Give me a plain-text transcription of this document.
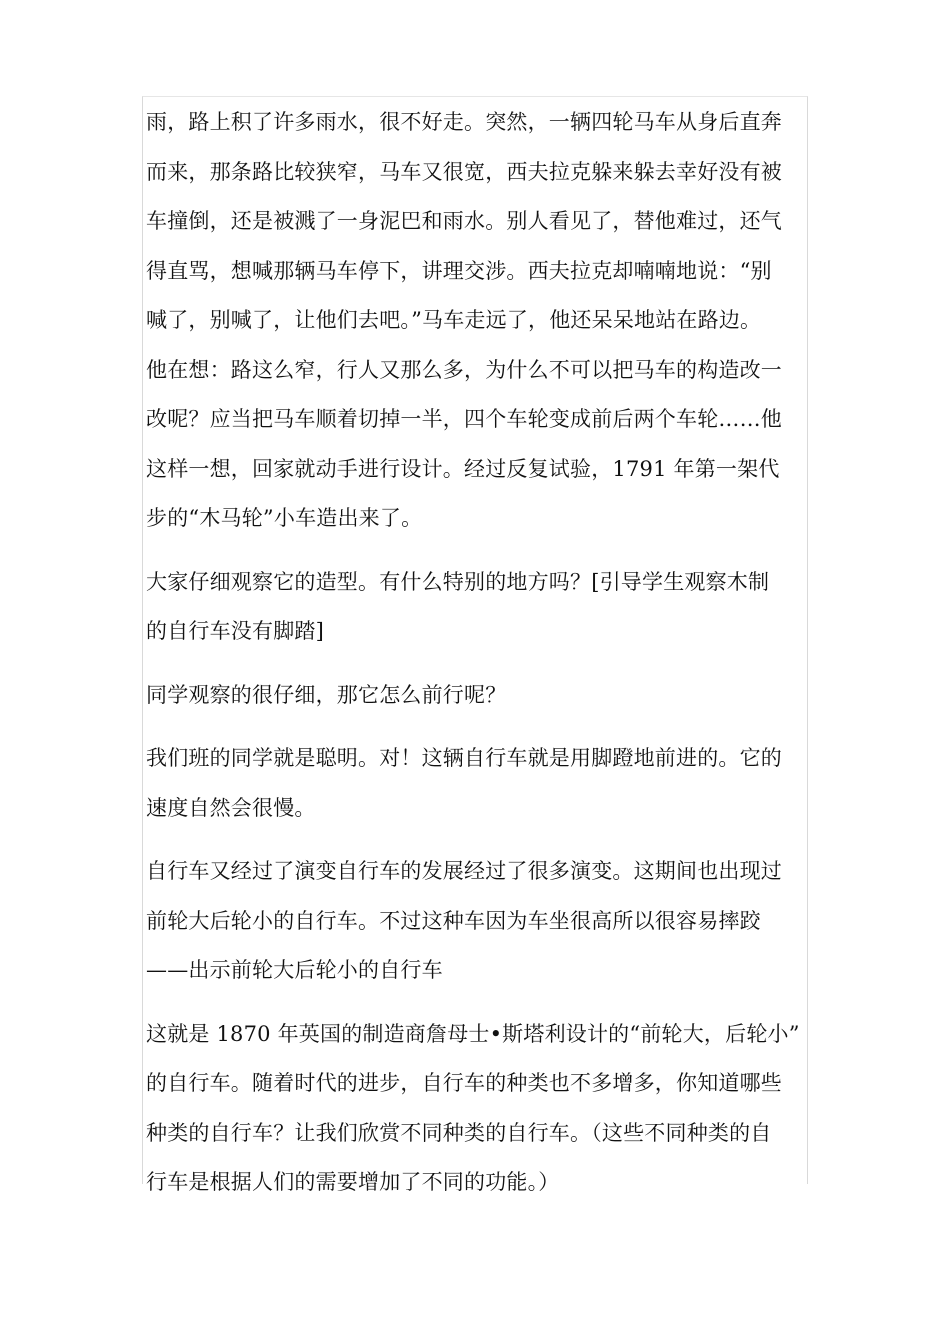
雨，路上积了许多雨水，很不好走。突然，一辆四轮马车从身后直奔
而来，那条路比较狭窄，马车又很宽，西夫拉克躲来躲去幸好没有被
车撞倒，还是被溅了一身泥巴和雨水。别人看见了，替他难过，还气
得直骂，想喊那辆马车停下，讲理交涉。西夫拉克却喃喃地说：“别
喊了，别喊了，让他们去吧。”马车走远了，他还呆呆地站在路边。
他在想：路这么窄，行人又那么多，为什么不可以把马车的构造改一
改呢？应当把马车顺着切掉一半，四个车轮变成前后两个车轮……他
这样一想，回家就动手进行设计。经过反复试验，1791 年第一架代
步的“木马轮”小车造出来了。
大家仔细观察它的造型。有什么特别的地方吗？[引导学生观察木制
的自行车没有脚踏]
同学观察的很仔细，那它怎么前行呢？
我们班的同学就是聪明。对！这辆自行车就是用脚蹬地前进的。它的
速度自然会很慢。
自行车又经过了演变自行车的发展经过了很多演变。这期间也出现过
前轮大后轮小的自行车。不过这种车因为车坐很高所以很容易摔跤
——出示前轮大后轮小的自行车
这就是 1870 年英国的制造商詹母士•斯塔利设计的“前轮大，后轮小”
的自行车。随着时代的进步，自行车的种类也不多增多，你知道哪些
种类的自行车？让我们欣赏不同种类的自行车。（这些不同种类的自
行车是根据人们的需要增加了不同的功能。）
